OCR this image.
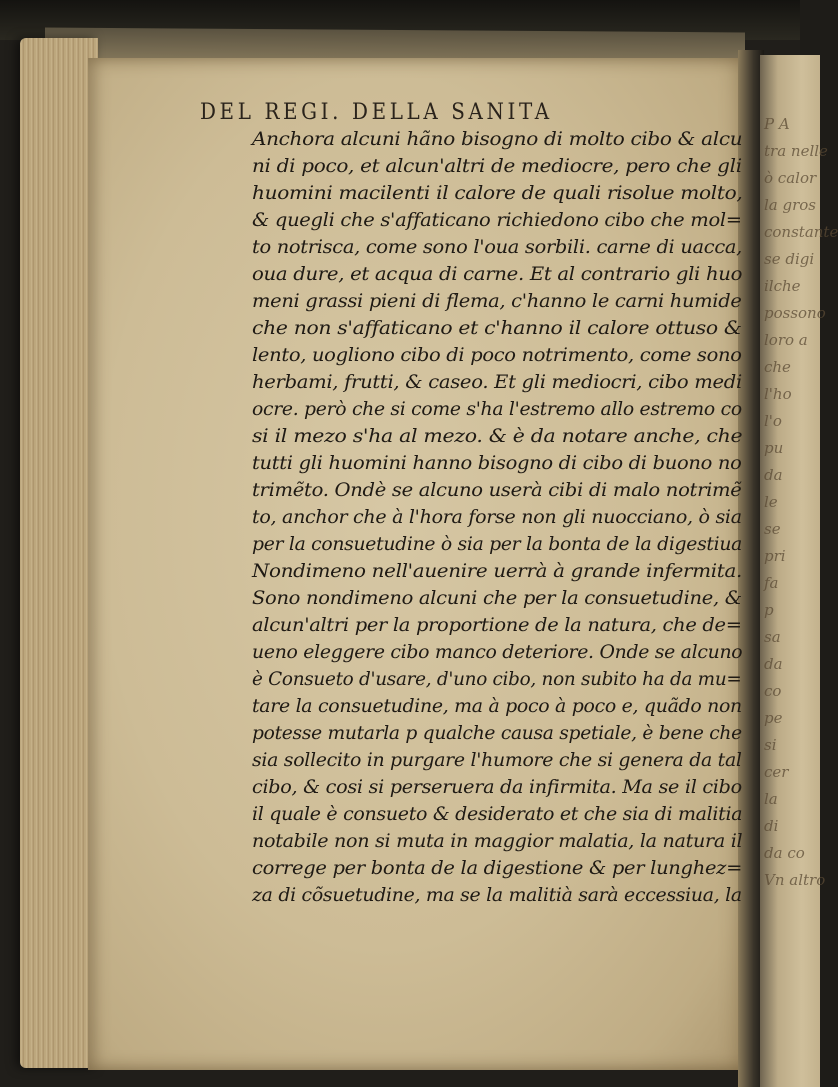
P A
tra nelle
ò calor
la gros
constante
se digi
ilche
possono
loro a
che
l'ho
l'o
pu
da
le
se
pri
fa
p
sa
da
co
pe
si
cer
la
di
da co
Vn altro
DEL REGI. DELLA SANITA
Anchora alcuni hãno bisogno di molto cibo & alcu
ni di poco, et alcun'altri de mediocre, pero che gli
huomini macilenti il calore de quali risolue molto,
& quegli che s'affaticano richiedono cibo che mol=
to notrisca, come sono l'oua sorbili. carne di uacca,
oua dure, et acqua di carne. Et al contrario gli huo
meni grassi pieni di flema, c'hanno le carni humide
che non s'affaticano et c'hanno il calore ottuso &
lento, uogliono cibo di poco notrimento, come sono
herbami, frutti, & caseo. Et gli mediocri, cibo medi
ocre. però che si come s'ha l'estremo allo estremo co
si il mezo s'ha al mezo. & è da notare anche, che
tutti gli huomini hanno bisogno di cibo di buono no
trimẽto. Ondè se alcuno userà cibi di malo notrimẽ
to, anchor che à l'hora forse non gli nuocciano, ò sia
per la consuetudine ò sia per la bonta de la digestiua
Nondimeno nell'auenire uerrà à grande infermita.
Sono nondimeno alcuni che per la consuetudine, &
alcun'altri per la proportione de la natura, che de=
ueno eleggere cibo manco deteriore. Onde se alcuno
è Consueto d'usare, d'uno cibo, non subito ha da mu=
tare la consuetudine, ma à poco à poco e, quãdo non
potesse mutarla p qualche causa spetiale, è bene che
sia sollecito in purgare l'humore che si genera da tal
cibo, & cosi si perseruera da infirmita. Ma se il cibo
il quale è consueto & desiderato et che sia di malitia
notabile non si muta in maggior malatia, la natura il
correge per bonta de la digestione & per lunghez=
za di cõsuetudine, ma se la malitià sarà eccessiua, la
